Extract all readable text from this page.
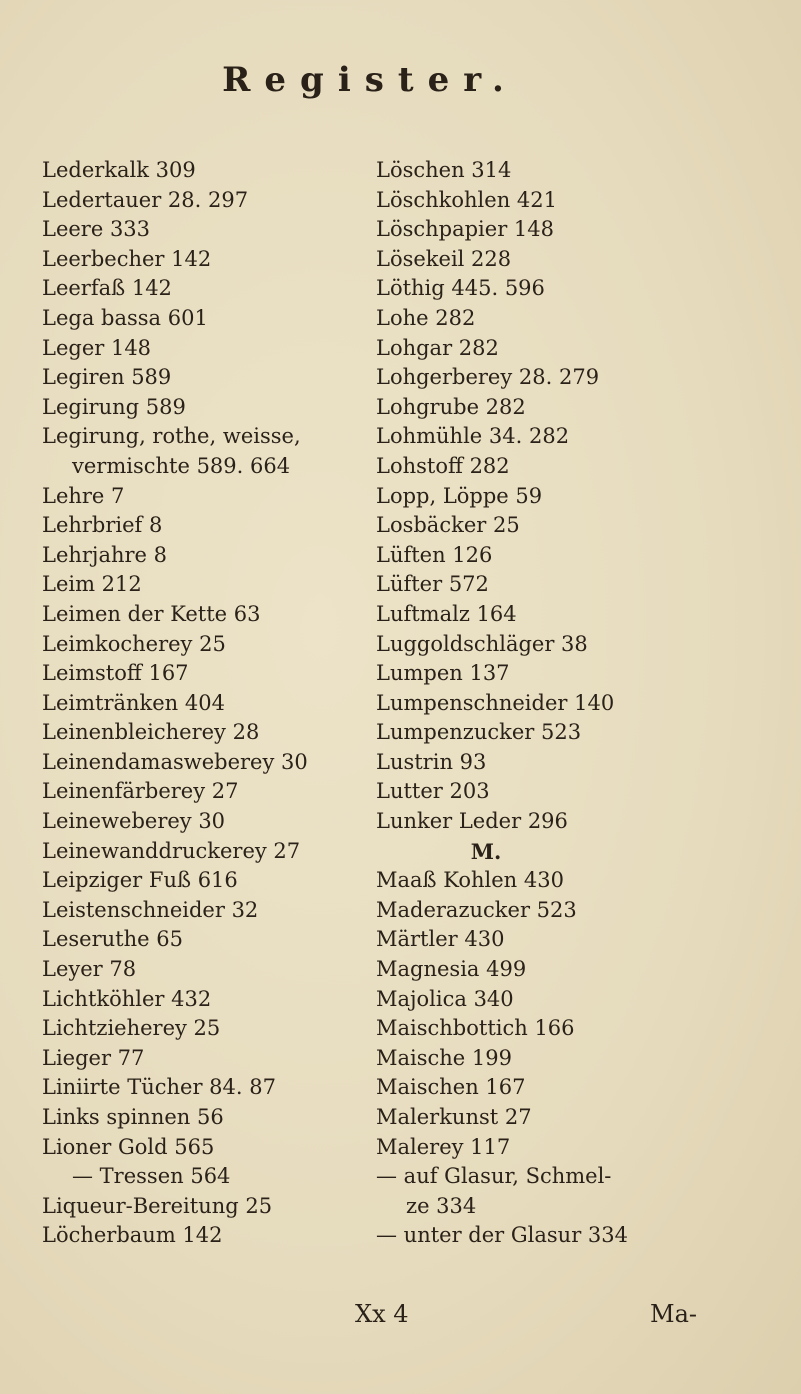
Register.
Lederkalk 309
Ledertauer 28. 297
Leere 333
Leerbecher 142
Leerfaß 142
Lega bassa 601
Leger 148
Legiren 589
Legirung 589
Legirung, rothe, weisse,
vermischte 589. 664
Lehre 7
Lehrbrief 8
Lehrjahre 8
Leim 212
Leimen der Kette 63
Leimkocherey 25
Leimstoff 167
Leimtränken 404
Leinenbleicherey 28
Leinendamasweberey 30
Leinenfärberey 27
Leineweberey 30
Leinewanddruckerey 27
Leipziger Fuß 616
Leistenschneider 32
Leseruthe 65
Leyer 78
Lichtköhler 432
Lichtzieherey 25
Lieger 77
Liniirte Tücher 84. 87
Links spinnen 56
Lioner Gold 565
— Tressen 564
Liqueur-Bereitung 25
Löcherbaum 142
Löschen 314
Löschkohlen 421
Löschpapier 148
Lösekeil 228
Löthig 445. 596
Lohe 282
Lohgar 282
Lohgerberey 28. 279
Lohgrube 282
Lohmühle 34. 282
Lohstoff 282
Lopp, Löppe 59
Losbäcker 25
Lüften 126
Lüfter 572
Luftmalz 164
Luggoldschläger 38
Lumpen 137
Lumpenschneider 140
Lumpenzucker 523
Lustrin 93
Lutter 203
Lunker Leder 296
M.
Maaß Kohlen 430
Maderazucker 523
Märtler 430
Magnesia 499
Majolica 340
Maischbottich 166
Maische 199
Maischen 167
Malerkunst 27
Malerey 117
— auf Glasur, Schmel-
ze 334
— unter der Glasur 334
Xx 4	Ma-
